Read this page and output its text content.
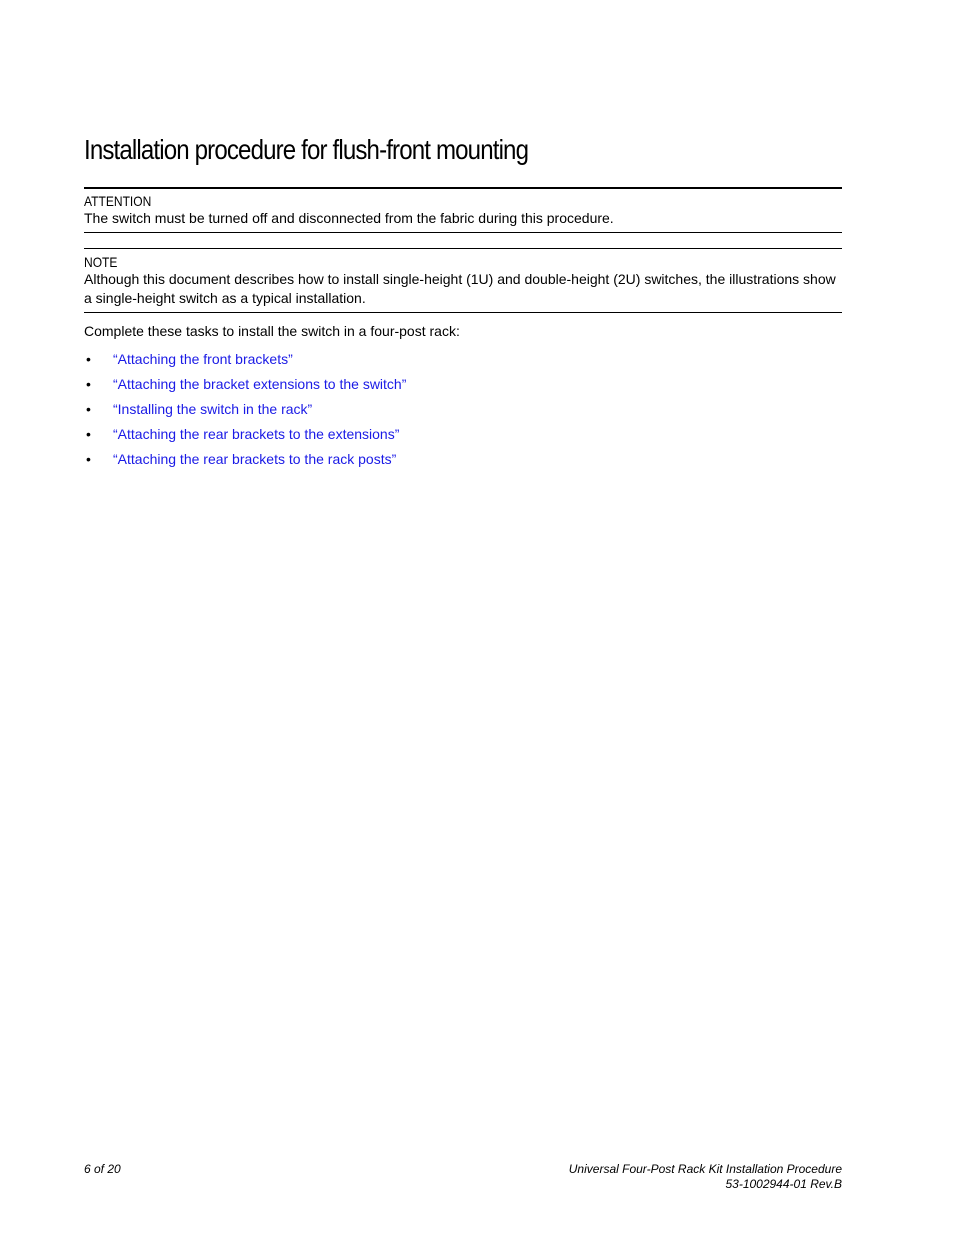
Installation procedure for flush-front mounting
ATTENTION
The switch must be turned off and disconnected from the fabric during this procedure.
NOTE
Although this document describes how to install single-height (1U) and double-height (2U) switches, the illustrations show a single-height switch as a typical installation.

Complete these tasks to install the switch in a four-post rack:

• “Attaching the front brackets”
• “Attaching the bracket extensions to the switch”
• “Installing the switch in the rack”
• “Attaching the rear brackets to the extensions”
• “Attaching the rear brackets to the rack posts”
6 of 20	Universal Four-Post Rack Kit Installation Procedure
53-1002944-01 Rev.B
